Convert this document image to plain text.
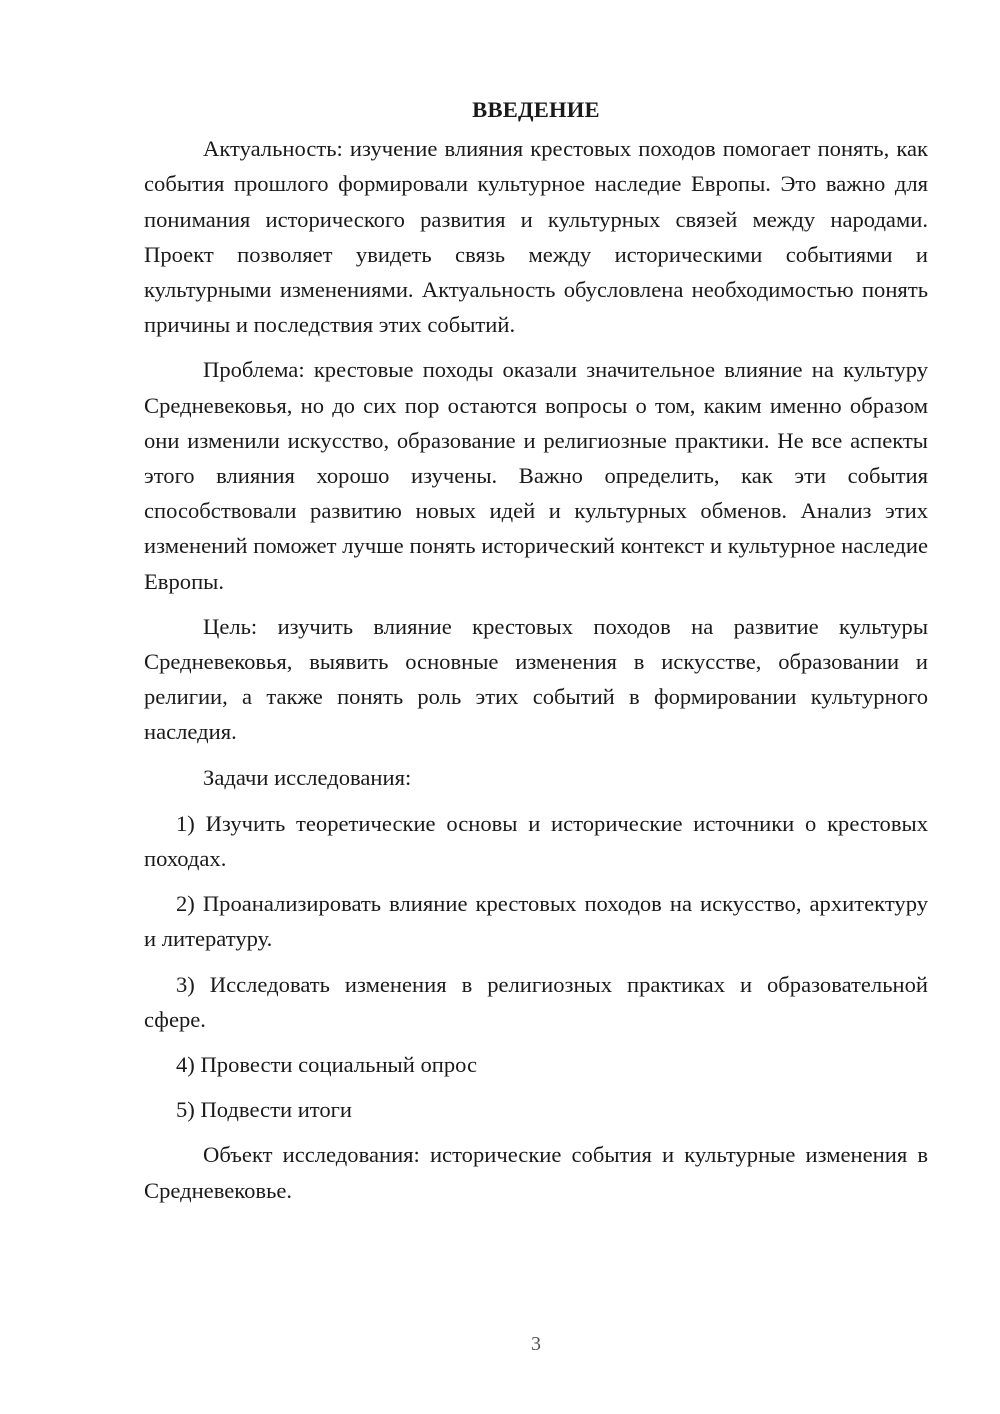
ВВЕДЕНИЕ

Актуальность: изучение влияния крестовых походов помогает понять, как события прошлого формировали культурное наследие Европы. Это важно для понимания исторического развития и культурных связей между народами. Проект позволяет увидеть связь между историческими событиями и культурными изменениями. Актуальность обусловлена необходимостью понять причины и последствия этих событий.

Проблема: крестовые походы оказали значительное влияние на культуру Средневековья, но до сих пор остаются вопросы о том, каким именно образом они изменили искусство, образование и религиозные практики. Не все аспекты этого влияния хорошо изучены. Важно определить, как эти события способствовали развитию новых идей и культурных обменов. Анализ этих изменений поможет лучше понять исторический контекст и культурное наследие Европы.

Цель: изучить влияние крестовых походов на развитие культуры Средневековья, выявить основные изменения в искусстве, образовании и религии, а также понять роль этих событий в формировании культурного наследия.

Задачи исследования:

1) Изучить теоретические основы и исторические источники о крестовых походах.

2) Проанализировать влияние крестовых походов на искусство, архитектуру и литературу.

3) Исследовать изменения в религиозных практиках и образовательной сфере.

4) Провести социальный опрос

5) Подвести итоги

Объект исследования: исторические события и культурные изменения в Средневековье.

3
